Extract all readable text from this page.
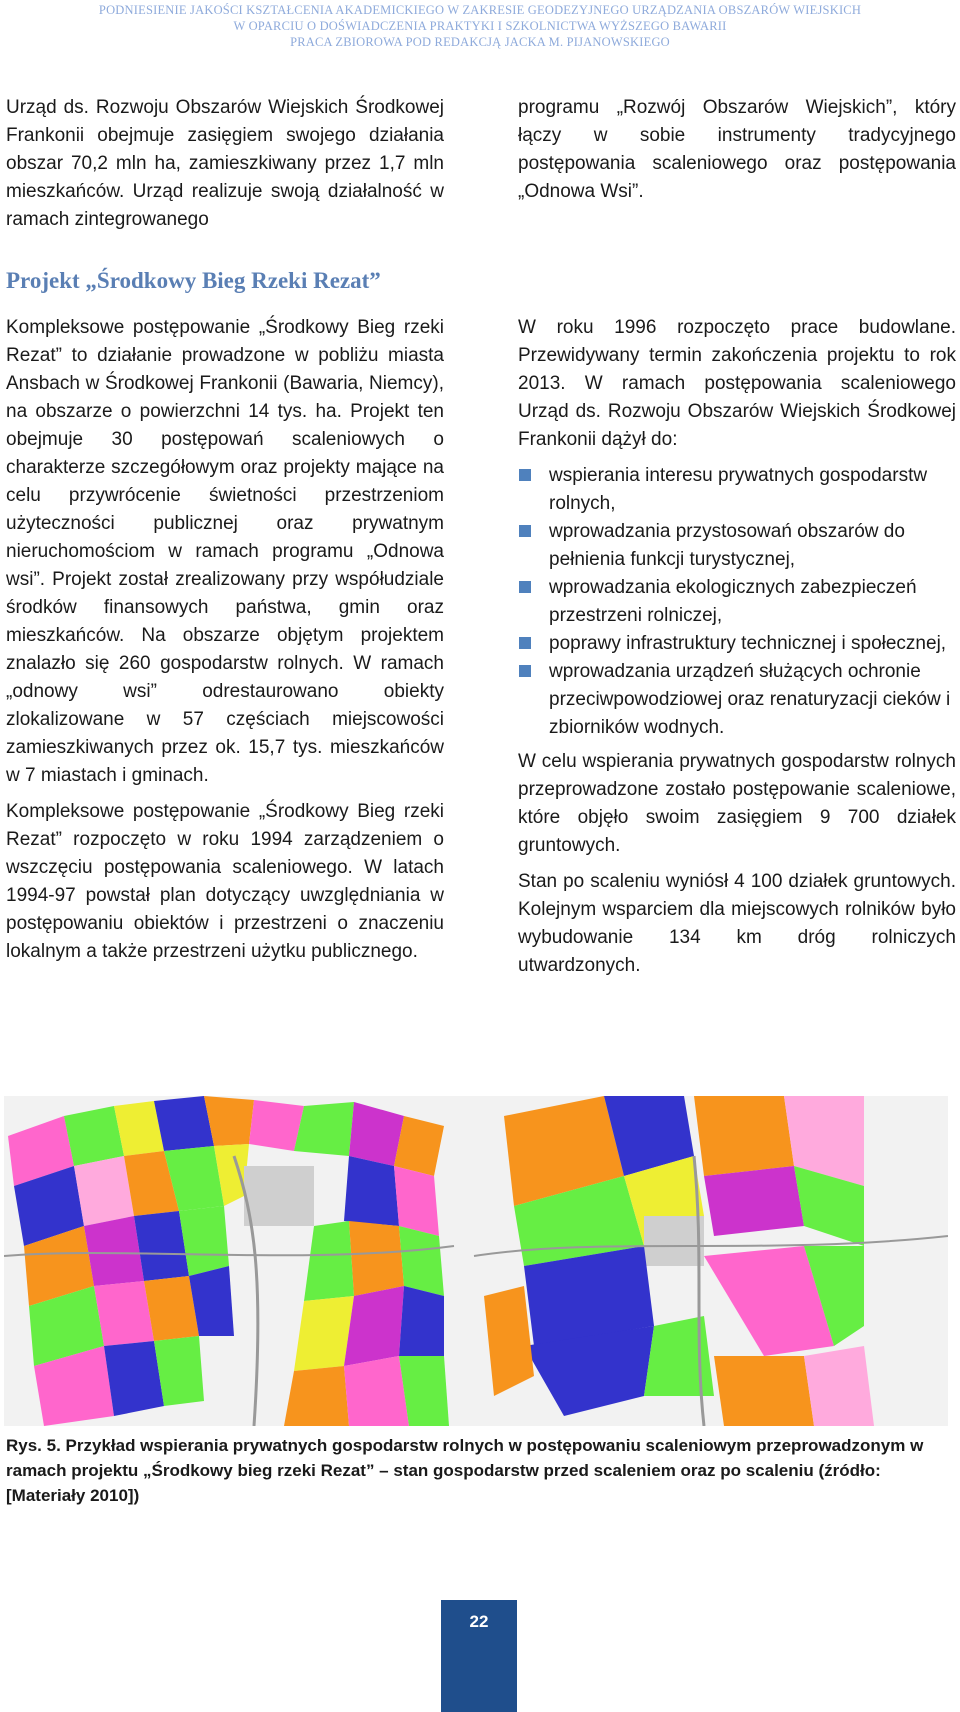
PODNIESIENIE JAKOŚCI KSZTAŁCENIA AKADEMICKIEGO W ZAKRESIE GEODEZYJNEGO URZĄDZANIA OBSZARÓW WIEJSKICH
W OPARCIU O DOŚWIADCZENIA PRAKTYKI I SZKOLNICTWA WYŻSZEGO BAWARII
PRACA ZBIOROWA POD REDAKCJĄ JACKA M. PIJANOWSKIEGO

Urząd ds. Rozwoju Obszarów Wiejskich Środkowej Frankonii obejmuje zasięgiem swojego działania obszar 70,2 mln ha, zamieszkiwany przez 1,7 mln mieszkańców. Urząd realizuje swoją działalność w ramach zintegrowanego

programu „Rozwój Obszarów Wiejskich”, który łączy w sobie instrumenty tradycyjnego postępowania scaleniowego oraz postępowania „Odnowa Wsi”.

Projekt „Środkowy Bieg Rzeki Rezat”

Kompleksowe postępowanie „Środkowy Bieg rzeki Rezat” to działanie prowadzone w pobliżu miasta Ansbach w Środkowej Frankonii (Bawaria, Niemcy), na obszarze o powierzchni 14 tys. ha. Projekt ten obejmuje 30 postępowań scaleniowych o charakterze szczegółowym oraz projekty mające na celu przywrócenie świetności przestrzeniom użyteczności publicznej oraz prywatnym nieruchomościom w ramach programu „Odnowa wsi”. Projekt został zrealizowany przy współudziale środków finansowych państwa, gmin oraz mieszkańców. Na obszarze objętym projektem znalazło się 260 gospodarstw rolnych. W ramach „odnowy wsi” odrestaurowano obiekty zlokalizowane w 57 częściach miejscowości zamieszkiwanych przez ok. 15,7 tys. mieszkańców w 7 miastach i gminach.

Kompleksowe postępowanie „Środkowy Bieg rzeki Rezat” rozpoczęto w roku 1994 zarządzeniem o wszczęciu postępowania scaleniowego. W latach 1994-97 powstał plan dotyczący uwzględniania w postępowaniu obiektów i przestrzeni o znaczeniu lokalnym a także przestrzeni użytku publicznego.

W roku 1996 rozpoczęto prace budowlane. Przewidywany termin zakończenia projektu to rok 2013. W ramach postępowania scaleniowego Urząd ds. Rozwoju Obszarów Wiejskich Środkowej Frankonii dążył do:

wspierania interesu prywatnych gospodarstw rolnych,
wprowadzania przystosowań obszarów do pełnienia funkcji turystycznej,
wprowadzania ekologicznych zabezpieczeń przestrzeni rolniczej,
poprawy infrastruktury technicznej i społecznej,
wprowadzania urządzeń służących ochronie przeciwpowodziowej oraz renaturyzacji cieków i zbiorników wodnych.

W celu wspierania prywatnych gospodarstw rolnych przeprowadzone zostało postępowanie scaleniowe, które objęło swoim zasięgiem 9 700 działek gruntowych.

Stan po scaleniu wyniósł 4 100 działek gruntowych. Kolejnym wsparciem dla miejscowych rolników było wybudowanie 134 km dróg rolniczych utwardzonych.

Rys. 5. Przykład wspierania prywatnych gospodarstw rolnych w postępowaniu scaleniowym przeprowadzonym w ramach projektu „Środkowy bieg rzeki Rezat” – stan gospodarstw przed scaleniem oraz po scaleniu (źródło: [Materiały 2010])
22
